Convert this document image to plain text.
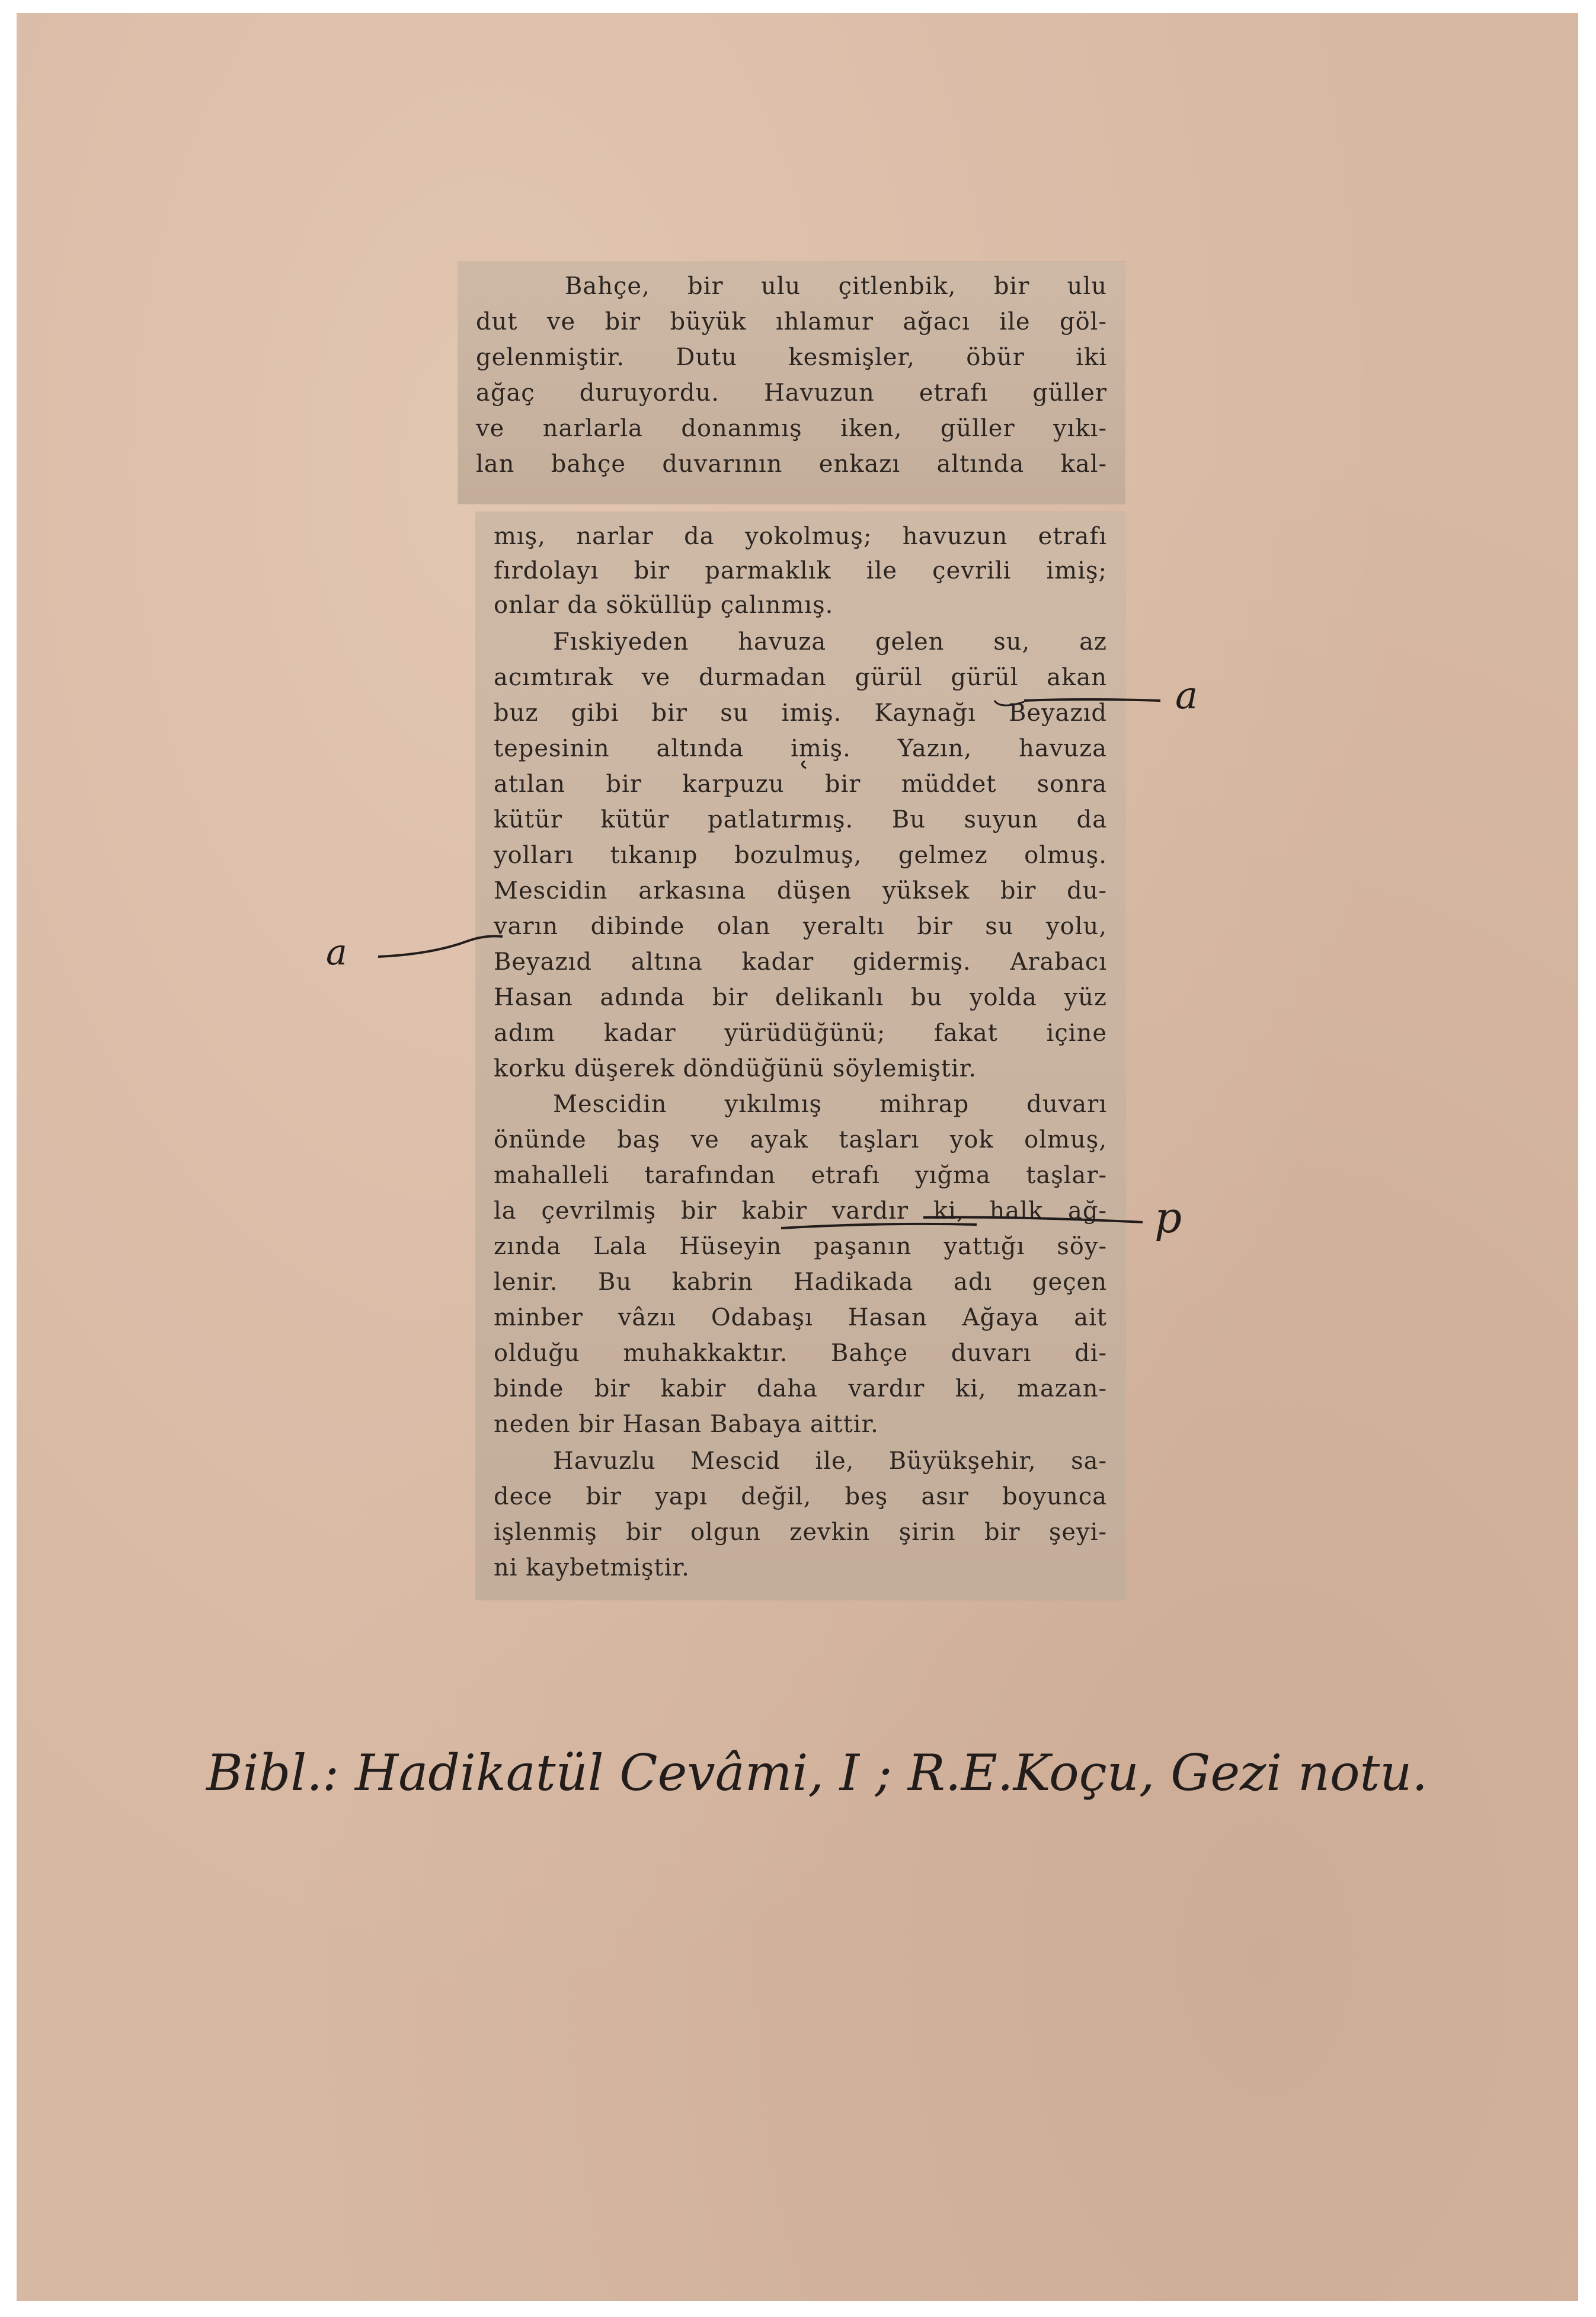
Bahçe, bir ulu çitlenbik, bir ulu
dut ve bir büyük ıhlamur ağacı ile göl-
gelenmiştir. Dutu kesmişler, öbür iki
ağaç duruyordu. Havuzun etrafı güller
ve narlarla donanmış iken, güller yıkı-
lan bahçe duvarının enkazı altında kal-
mış, narlar da yokolmuş; havuzun etrafı
fırdolayı bir parmaklık ile çevrili imiş;
onlar da söküllüp çalınmış.
Fıskiyeden havuza gelen su, az
acımtırak ve durmadan gürül gürül akan
buz gibi bir su imiş. Kaynağı Beyazıd
tepesinin altında imiş. Yazın, havuza
atılan bir karpuzu bir müddet sonra
kütür kütür patlatırmış. Bu suyun da
yolları tıkanıp bozulmuş, gelmez olmuş.
Mescidin arkasına düşen yüksek bir du-
varın dibinde olan yeraltı bir su yolu,
Beyazıd altına kadar gidermiş. Arabacı
Hasan adında bir delikanlı bu yolda yüz
adım kadar yürüdüğünü; fakat içine
korku düşerek döndüğünü söylemiştir.
Mescidin yıkılmış mihrap duvarı
önünde baş ve ayak taşları yok olmuş,
mahalleli tarafından etrafı yığma taşlar-
la çevrilmiş bir kabir vardır ki, halk ağ-
zında Lala Hüseyin paşanın yattığı söy-
lenir. Bu kabrin Hadikada adı geçen
minber vâzıı Odabaşı Hasan Ağaya ait
olduğu muhakkaktır. Bahçe duvarı di-
binde bir kabir daha vardır ki, mazan-
neden bir Hasan Babaya aittir.
Havuzlu Mescid ile, Büyükşehir, sa-
dece bir yapı değil, beş asır boyunca
işlenmiş bir olgun zevkin şirin bir şeyi-
ni kaybetmiştir.
a
a
p
Bibl.: Hadikatül Cevâmi, I ; R.E.Koçu, Gezi notu.
